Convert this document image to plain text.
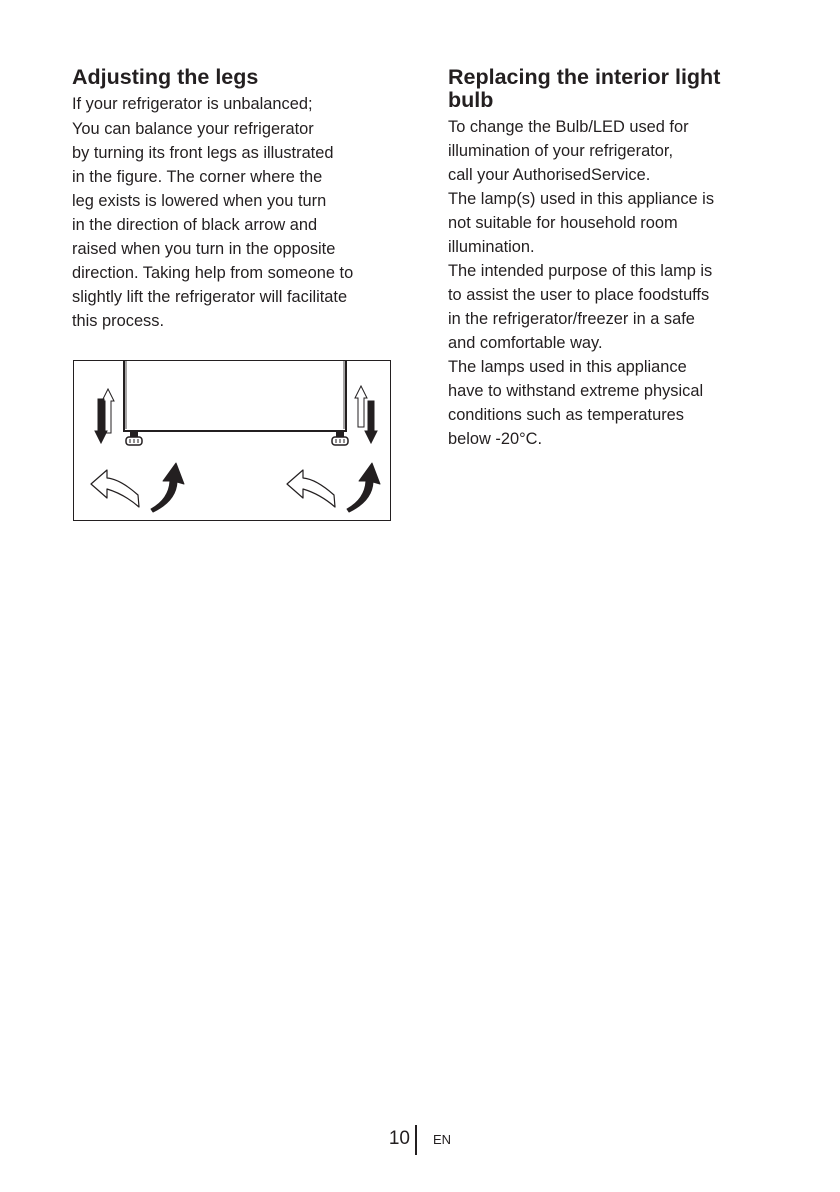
Adjusting the legs
If your refrigerator is unbalanced;
You can balance your refrigerator
by turning its front legs as illustrated
in the figure. The corner where the
leg exists is lowered when you turn
in the direction of black arrow and
raised when you turn in the opposite
direction. Taking help from someone to
slightly lift the refrigerator will facilitate
this process.
Replacing the interior light
bulb
To change the Bulb/LED used for
illumination of your refrigerator,
call your AuthorisedService.
The lamp(s) used in this appliance is
not suitable for household room
illumination.
The intended purpose of this lamp is
to assist the user to place foodstuffs
in the refrigerator/freezer in a safe
and comfortable way.
The lamps used in this appliance
have to withstand extreme physical
conditions such as temperatures
below -20°C.
10 EN
